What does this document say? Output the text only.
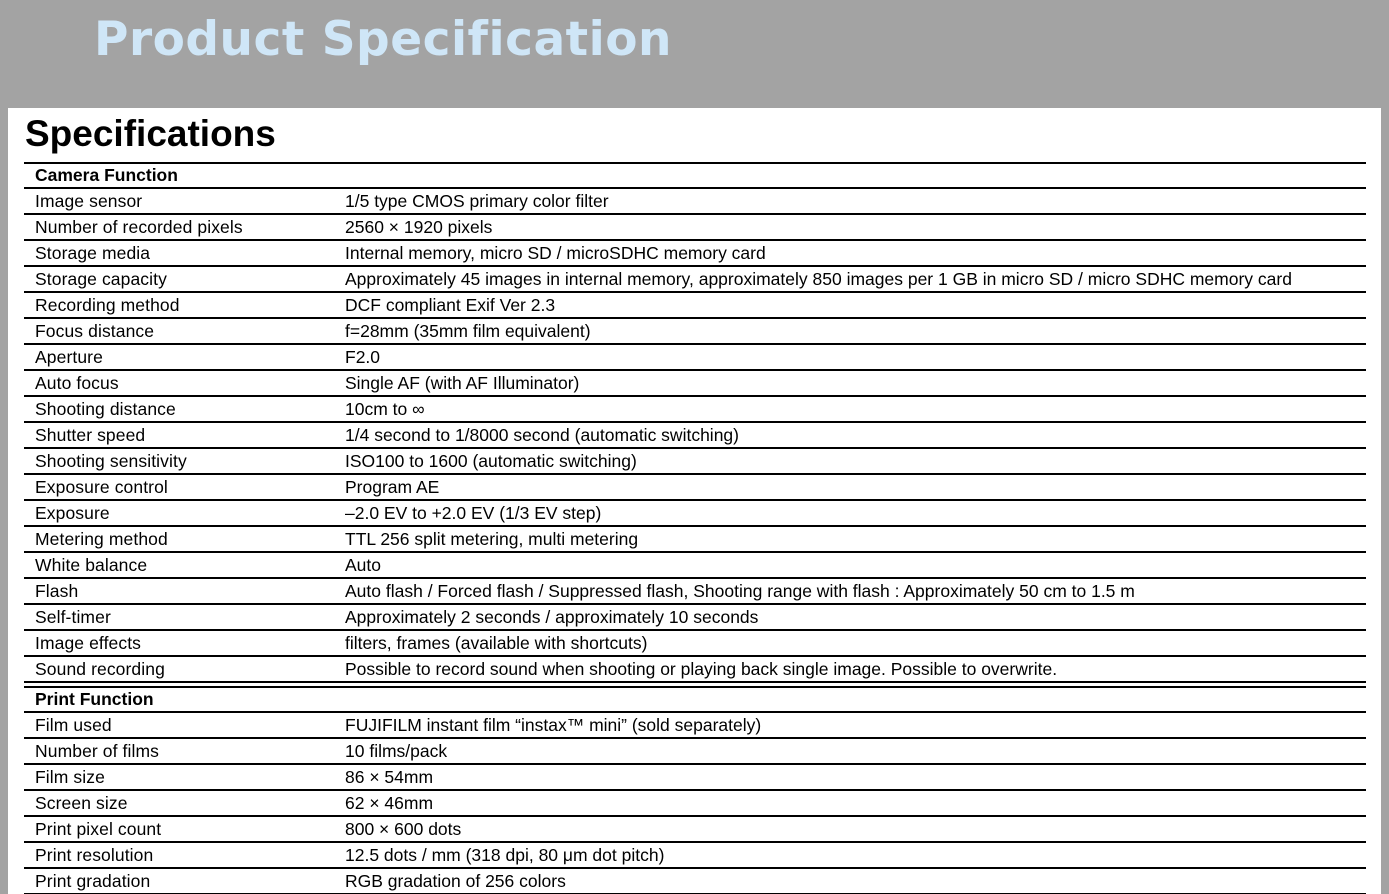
Product Specification
Specifications
Camera Function	
Image sensor	1/5 type CMOS primary color filter
Number of recorded pixels	2560 × 1920 pixels
Storage media	Internal memory, micro SD / microSDHC memory card
Storage capacity	Approximately 45 images in internal memory, approximately 850 images per 1 GB in micro SD / micro SDHC memory card
Recording method	DCF compliant Exif Ver 2.3
Focus distance	f=28mm (35mm film equivalent)
Aperture	F2.0
Auto focus	Single AF (with AF Illuminator)
Shooting distance	10cm to ∞
Shutter speed	1/4 second to 1/8000 second (automatic switching)
Shooting sensitivity	ISO100 to 1600 (automatic switching)
Exposure control	Program AE
Exposure	–2.0 EV to +2.0 EV (1/3 EV step)
Metering method	TTL 256 split metering, multi metering
White balance	Auto
Flash	Auto flash / Forced flash / Suppressed flash, Shooting range with flash : Approximately 50 cm to 1.5 m
Self-timer	Approximately 2 seconds / approximately 10 seconds
Image effects	filters, frames (available with shortcuts)
Sound recording	Possible to record sound when shooting or playing back single image. Possible to overwrite.

Print Function	
Film used	FUJIFILM instant film “instax™ mini” (sold separately)
Number of films	10 films/pack
Film size	86 × 54mm
Screen size	62 × 46mm
Print pixel count	800 × 600 dots
Print resolution	12.5 dots / mm (318 dpi, 80 μm dot pitch)
Print gradation	RGB gradation of 256 colors
